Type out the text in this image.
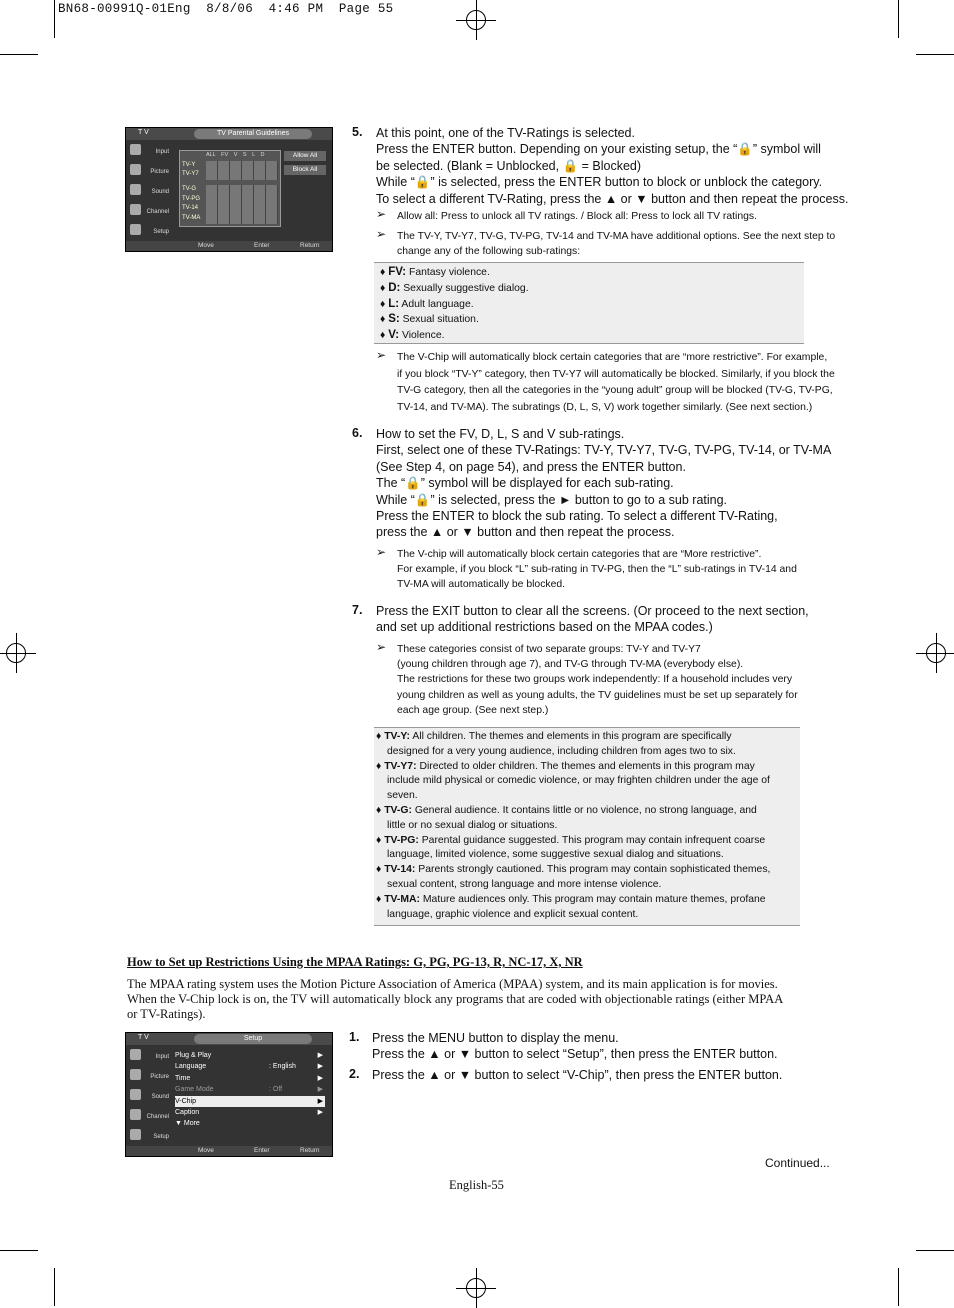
BN68-00991Q-01Eng  8/8/06  4:46 PM  Page 55
T V	TV Parental Guidelines
Input
Picture
Sound
Channel
Setup
ALL FV V S L D
TV-Y
TV-Y7
TV-G
TV-PG
TV-14
TV-MA
Allow All
Block All
Move	Enter	Return
5. At this point, one of the TV-Ratings is selected.
Press the ENTER button. Depending on your existing setup, the “🔒” symbol will
be selected. (Blank = Unblocked, 🔒 = Blocked)
While “🔒” is selected, press the ENTER button to block or unblock the category.
To select a different TV-Rating, press the ▲ or ▼ button and then repeat the process.
➢ Allow all: Press to unlock all TV ratings. / Block all: Press to lock all TV ratings.
➢ The TV-Y, TV-Y7, TV-G, TV-PG, TV-14 and TV-MA have additional options. See the next step to
change any of the following sub-ratings:
♦ FV: Fantasy violence.
♦ D: Sexually suggestive dialog.
♦ L: Adult language.
♦ S: Sexual situation.
♦ V: Violence.
➢ The V-Chip will automatically block certain categories that are “more restrictive”. For example,
if you block “TV-Y” category, then TV-Y7 will automatically be blocked. Similarly, if you block the
TV-G category, then all the categories in the “young adult” group will be blocked (TV-G, TV-PG,
TV-14, and TV-MA). The subratings (D, L, S, V) work together similarly. (See next section.)
6. How to set the FV, D, L, S and V sub-ratings.
First, select one of these TV-Ratings: TV-Y, TV-Y7, TV-G, TV-PG, TV-14, or TV-MA
(See Step 4, on page 54), and press the ENTER button.
The “🔒” symbol will be displayed for each sub-rating.
While “🔒” is selected, press the ► button to go to a sub rating.
Press the ENTER to block the sub rating. To select a different TV-Rating,
press the ▲ or ▼ button and then repeat the process.
➢ The V-chip will automatically block certain categories that are “More restrictive”.
For example, if you block “L” sub-rating in TV-PG, then the “L” sub-ratings in TV-14 and
TV-MA will automatically be blocked.
7. Press the EXIT button to clear all the screens. (Or proceed to the next section,
and set up additional restrictions based on the MPAA codes.)
➢ These categories consist of two separate groups: TV-Y and TV-Y7
(young children through age 7), and TV-G through TV-MA (everybody else).
The restrictions for these two groups work independently: If a household includes very
young children as well as young adults, the TV guidelines must be set up separately for
each age group. (See next step.)
♦ TV-Y: All children. The themes and elements in this program are specifically
designed for a very young audience, including children from ages two to six.
♦ TV-Y7: Directed to older children. The themes and elements in this program may
include mild physical or comedic violence, or may frighten children under the age of
seven.
♦ TV-G: General audience. It contains little or no violence, no strong language, and
little or no sexual dialog or situations.
♦ TV-PG: Parental guidance suggested. This program may contain infrequent coarse
language, limited violence, some suggestive sexual dialog and situations.
♦ TV-14: Parents strongly cautioned. This program may contain sophisticated themes,
sexual content, strong language and more intense violence.
♦ TV-MA: Mature audiences only. This program may contain mature themes, profane
language, graphic violence and explicit sexual content.
How to Set up Restrictions Using the MPAA Ratings: G, PG, PG-13, R, NC-17, X, NR
The MPAA rating system uses the Motion Picture Association of America (MPAA) system, and its main application is for movies.
When the V-Chip lock is on, the TV will automatically block any programs that are coded with objectionable ratings (either MPAA
or TV-Ratings).
T V	Setup
Input
Picture
Sound
Channel
Setup
Plug & Play	▶
Language	: English	▶
Time	▶
Game Mode	: Off	▶
V-Chip	▶
Caption	▶
▼ More
Move	Enter	Return
1. Press the MENU button to display the menu.
Press the ▲ or ▼ button to select “Setup”, then press the ENTER button.
2. Press the ▲ or ▼ button to select “V-Chip”, then press the ENTER button.
Continued...
English-55
